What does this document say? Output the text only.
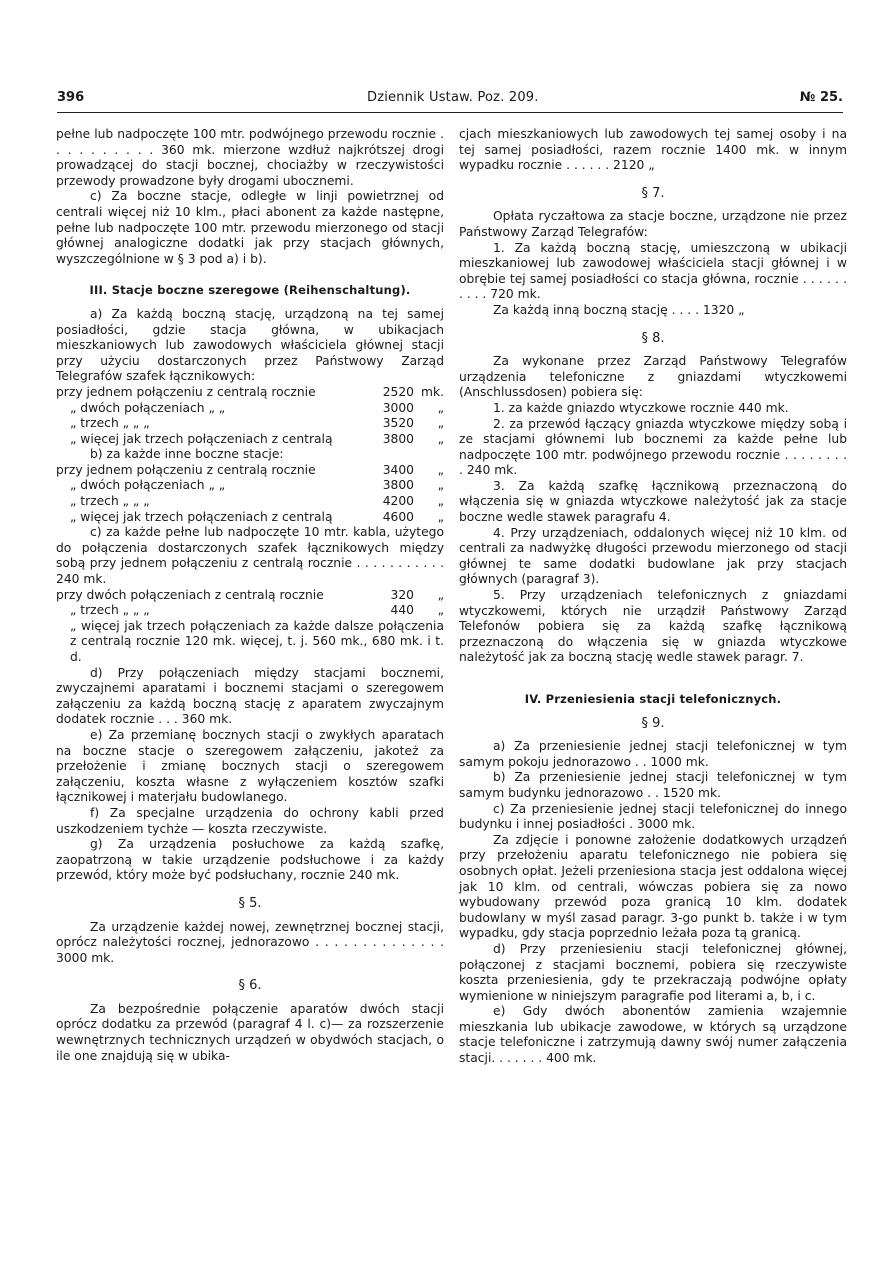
396	Dziennik Ustaw. Poz. 209.	№ 25.

pełne lub nadpoczęte 100 mtr. podwójnego przewodu rocznie . . . . . . . . . . 360 mk. mierzone wzdłuż najkrótszej drogi prowadzącej do stacji bocznej, chociażby w rzeczywistości przewody prowadzone były drogami ubocznemi.

c) Za boczne stacje, odległe w linji powietrznej od centrali więcej niż 10 klm., płaci abonent za każde następne, pełne lub nadpoczęte 100 mtr. przewodu mierzonego od stacji głównej analogiczne dodatki jak przy stacjach głównych, wyszczególnione w § 3 pod a) i b).

III. Stacje boczne szeregowe (Reihenschaltung).

a) Za każdą boczną stację, urządzoną na tej samej posiadłości, gdzie stacja główna, w ubikacjach mieszkaniowych lub zawodowych właściciela głównej stacji przy użyciu dostarczonych przez Państwowy Zarząd Telegrafów szafek łącznikowych:

przy jednem połączeniu z centralą rocznie	2520 mk.
„ dwóch połączeniach „ „	3000	„
„ trzech „ „ „	3520	„
„ więcej jak trzech połączeniach z centralą	3800	„

b) za każde inne boczne stacje:

przy jednem połączeniu z centralą rocznie	3400	„
„ dwóch połączeniach „ „	3800	„
„ trzech „ „ „	4200	„
„ więcej jak trzech połączeniach z centralą	4600	„

c) za każde pełne lub nadpoczęte 10 mtr. kabla, użytego do połączenia dostarczonych szafek łącznikowych między sobą przy jednem połączeniu z centralą rocznie . . . . . . . . . . . 240 mk.

przy dwóch połączeniach z centralą rocznie	320	„
„ trzech „ „ „	440	„

„ więcej jak trzech połączeniach za każde dalsze połączenia z centralą rocznie 120 mk. więcej, t. j. 560 mk., 680 mk. i t. d.

d) Przy połączeniach między stacjami bocznemi, zwyczajnemi aparatami i bocznemi stacjami o szeregowem załączeniu za każdą boczną stację z aparatem zwyczajnym dodatek rocznie . . . 360 mk.

e) Za przemianę bocznych stacji o zwykłych aparatach na boczne stacje o szeregowem załączeniu, jakoteż za przełożenie i zmianę bocznych stacji o szeregowem załączeniu, koszta własne z wyłączeniem kosztów szafki łącznikowej i materjału budowlanego.

f) Za specjalne urządzenia do ochrony kabli przed uszkodzeniem tychże — koszta rzeczywiste.

g) Za urządzenia posłuchowe za każdą szafkę, zaopatrzoną w takie urządzenie podsłuchowe i za każdy przewód, który może być podsłuchany, rocznie 240 mk.

§ 5.

Za urządzenie każdej nowej, zewnętrznej bocznej stacji, oprócz należytości rocznej, jednorazowo . . . . . . . . . . . . . . 3000 mk.

§ 6.

Za bezpośrednie połączenie aparatów dwóch stacji oprócz dodatku za przewód (paragraf 4 l. c)— za rozszerzenie wewnętrznych technicznych urządzeń w obydwóch stacjach, o ile one znajdują się w ubika-

cjach mieszkaniowych lub zawodowych tej samej osoby i na tej samej posiadłości, razem rocznie 1400 mk. w innym wypadku rocznie . . . . . . 2120 „

§ 7.

Opłata ryczałtowa za stacje boczne, urządzone nie przez Państwowy Zarząd Telegrafów:

1. Za każdą boczną stację, umieszczoną w ubikacji mieszkaniowej lub zawodowej właściciela stacji głównej i w obrębie tej samej posiadłości co stacja główna, rocznie . . . . . . . . . . 720 mk.

Za każdą inną boczną stację . . . . 1320 „

§ 8.

Za wykonane przez Zarząd Państwowy Telegrafów urządzenia telefoniczne z gniazdami wtyczkowemi (Anschlussdosen) pobiera się:

1. za każde gniazdo wtyczkowe rocznie 440 mk.

2. za przewód łączący gniazda wtyczkowe między sobą i ze stacjami głównemi lub bocznemi za każde pełne lub nadpoczęte 100 mtr. podwójnego przewodu rocznie . . . . . . . . . 240 mk.

3. Za każdą szafkę łącznikową przeznaczoną do włączenia się w gniazda wtyczkowe należytość jak za stacje boczne wedle stawek paragrafu 4.

4. Przy urządzeniach, oddalonych więcej niż 10 klm. od centrali za nadwyżkę długości przewodu mierzonego od stacji głównej te same dodatki budowlane jak przy stacjach głównych (paragraf 3).

5. Przy urządzeniach telefonicznych z gniazdami wtyczkowemi, których nie urządził Państwowy Zarząd Telefonów pobiera się za każdą szafkę łącznikową przeznaczoną do włączenia się w gniazda wtyczkowe należytość jak za boczną stację wedle stawek paragr. 7.

IV. Przeniesienia stacji telefonicznych.
§ 9.

a) Za przeniesienie jednej stacji telefonicznej w tym samym pokoju jednorazowo . . 1000 mk.

b) Za przeniesienie jednej stacji telefonicznej w tym samym budynku jednorazowo . . 1520 mk.

c) Za przeniesienie jednej stacji telefonicznej do innego budynku i innej posiadłości . 3000 mk.

Za zdjęcie i ponowne założenie dodatkowych urządzeń przy przełożeniu aparatu telefonicznego nie pobiera się osobnych opłat. Jeżeli przeniesiona stacja jest oddalona więcej jak 10 klm. od centrali, wówczas pobiera się za nowo wybudowany przewód poza granicą 10 klm. dodatek budowlany w myśl zasad paragr. 3-go punkt b. także i w tym wypadku, gdy stacja poprzednio leżała poza tą granicą.

d) Przy przeniesieniu stacji telefonicznej głównej, połączonej z stacjami bocznemi, pobiera się rzeczywiste koszta przeniesienia, gdy te przekraczają podwójne opłaty wymienione w niniejszym paragrafie pod literami a, b, i c.

e) Gdy dwóch abonentów zamienia wzajemnie mieszkania lub ubikacje zawodowe, w których są urządzone stacje telefoniczne i zatrzymują dawny swój numer załączenia stacji. . . . . . . 400 mk.
